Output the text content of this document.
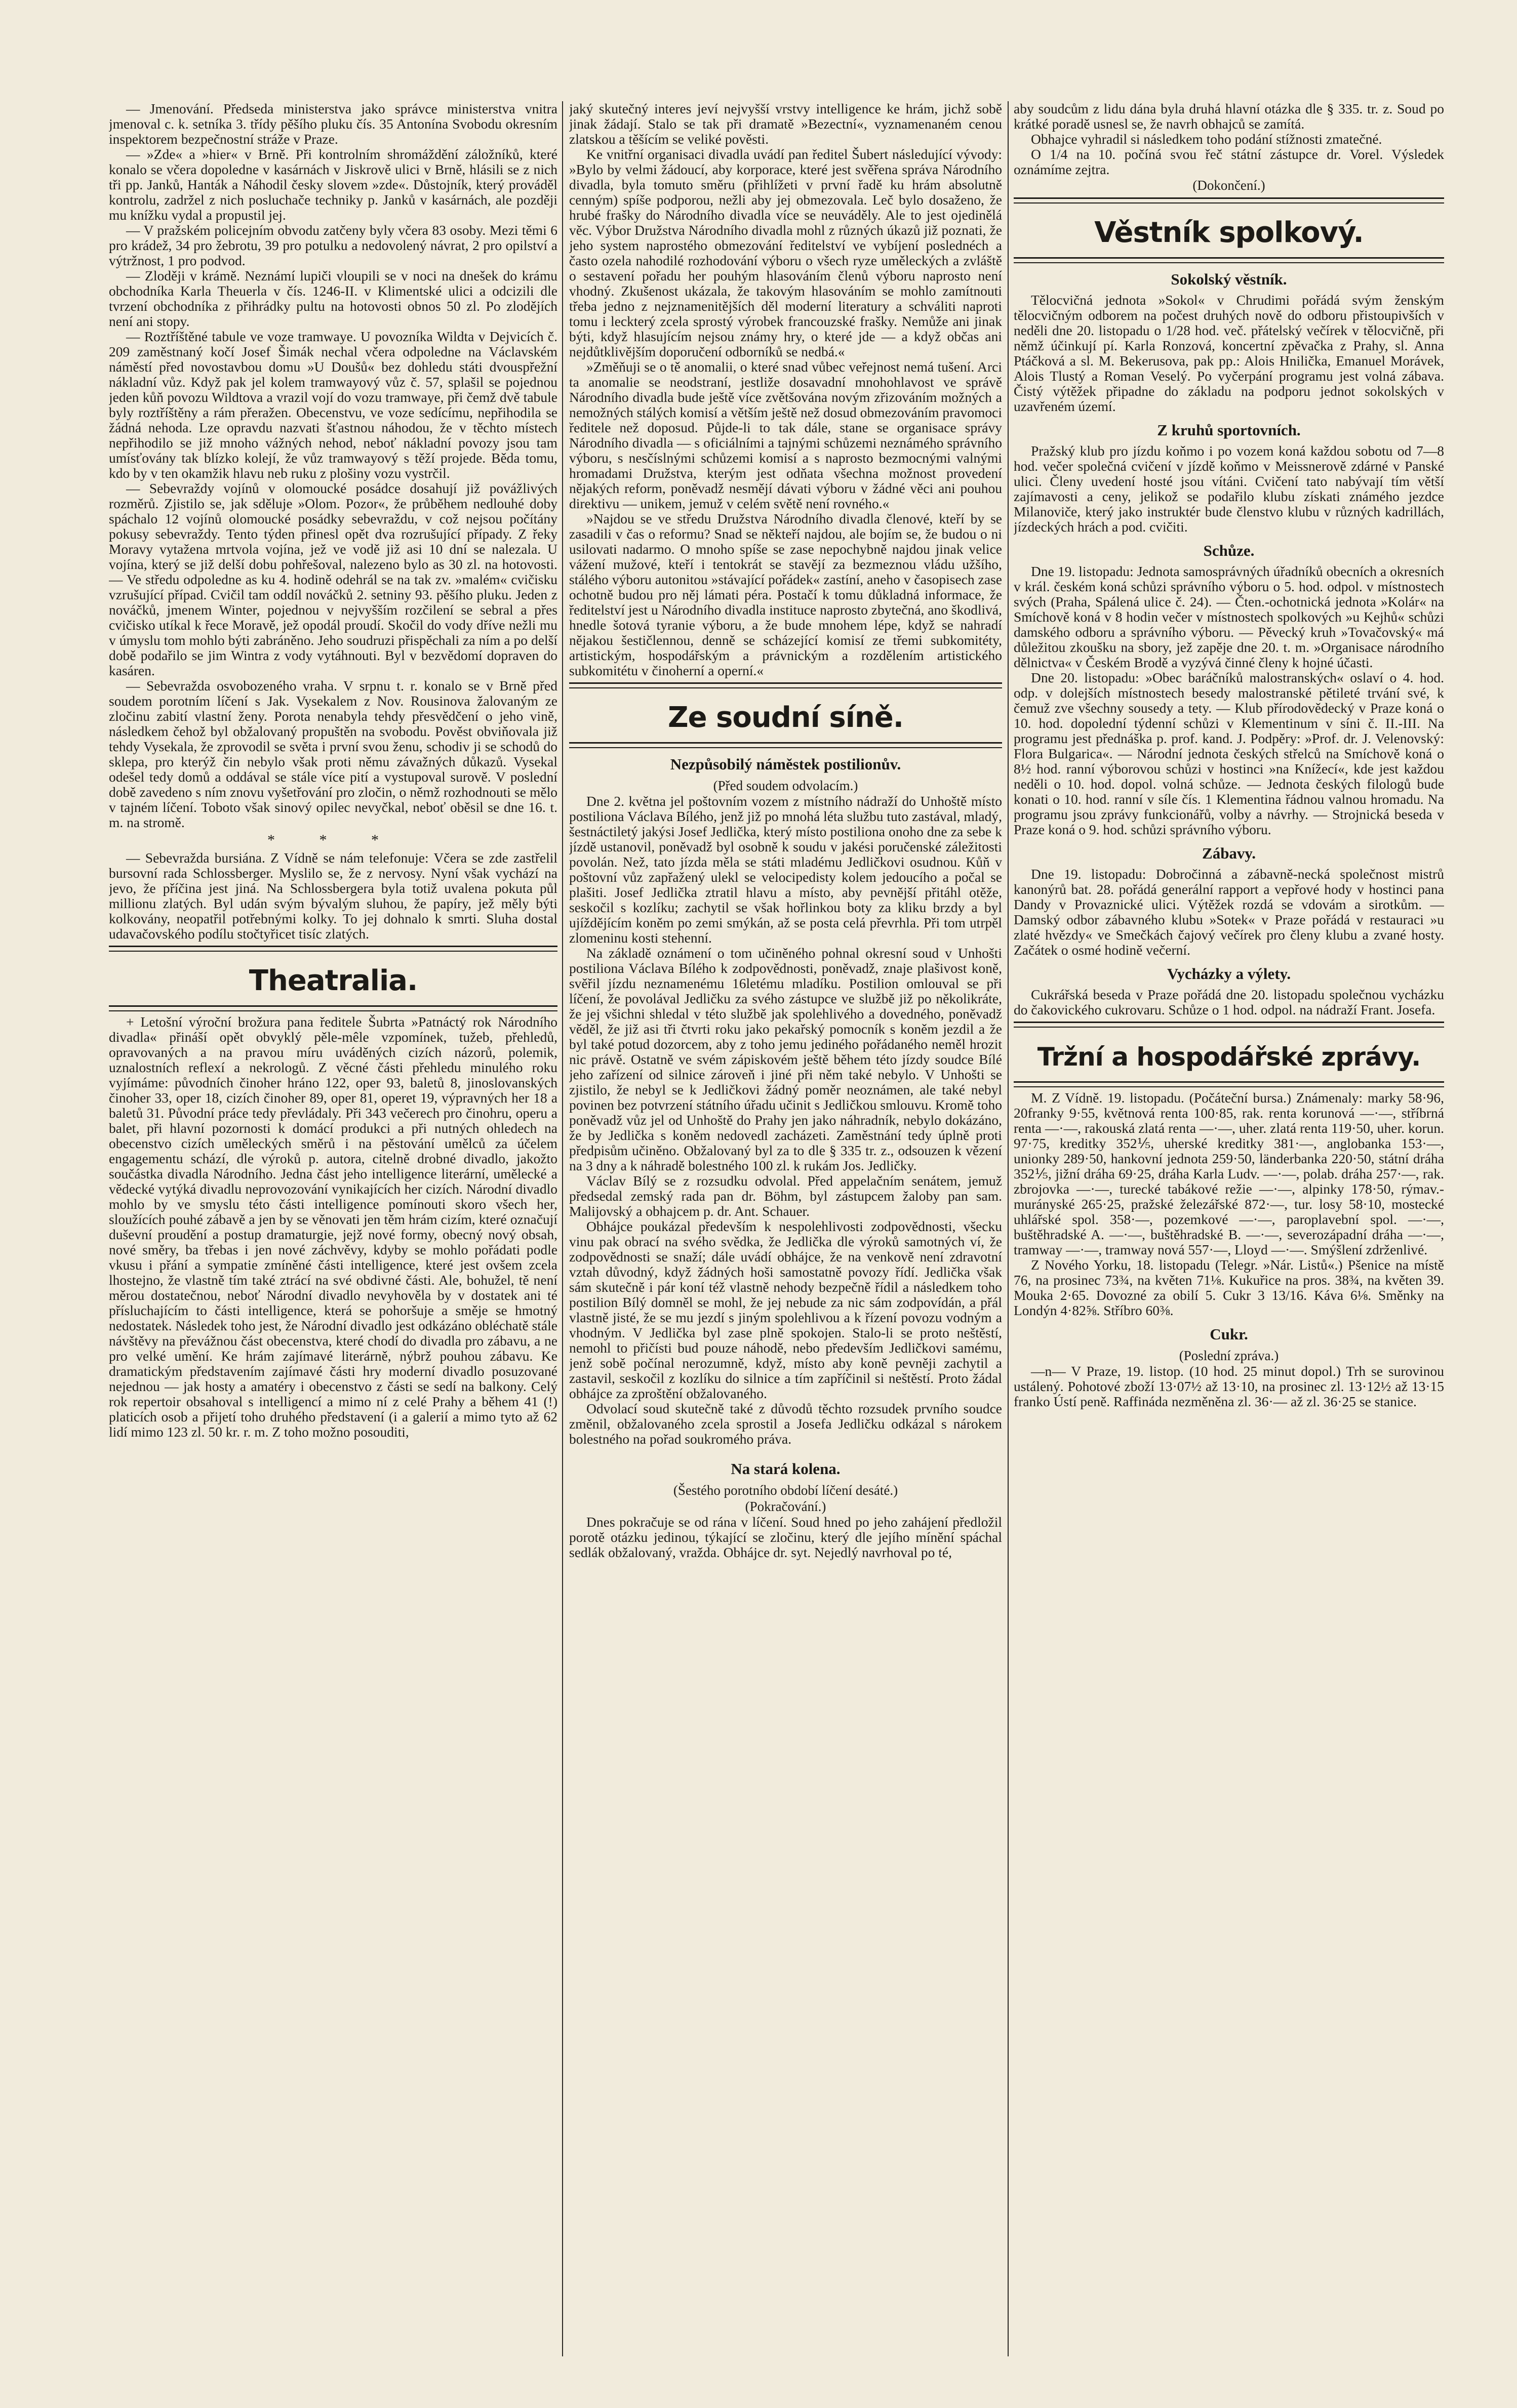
— Jmenování. Předseda ministerstva jako správce ministerstva vnitra jmenoval c. k. setníka 3. třídy pěšího pluku čís. 35 Antonína Svobodu okresním inspektorem bezpečnostní stráže v Praze.

— »Zde« a »hier« v Brně. Při kontrolním shromáždění záložníků, které konalo se včera dopoledne v kasárnách v Jiskrově ulici v Brně, hlásili se z nich tři pp. Janků, Hanták a Náhodil česky slovem »zde«. Důstojník, který prováděl kontrolu, zadržel z nich posluchače techniky p. Janků v kasárnách, ale později mu knížku vydal a propustil jej.

— V pražském policejním obvodu zatčeny byly včera 83 osoby. Mezi těmi 6 pro krádež, 34 pro žebrotu, 39 pro potulku a nedovolený návrat, 2 pro opilství a výtržnost, 1 pro podvod.

— Zloději v krámě. Neznámí lupiči vloupili se v noci na dnešek do krámu obchodníka Karla Theuerla v čís. 1246-II. v Klimentské ulici a odcizili dle tvrzení obchodníka z přihrádky pultu na hotovosti obnos 50 zl. Po zlodějích není ani stopy.

— Roztříštěné tabule ve voze tramwaye. U povozníka Wildta v Dejvicích č. 209 zaměstnaný kočí Josef Šimák nechal včera odpoledne na Václavském náměstí před novostavbou domu »U Doušů« bez dohledu státi dvouspřežní nákladní vůz. Když pak jel kolem tramwayový vůz č. 57, splašil se pojednou jeden kůň povozu Wildtova a vrazil vojí do vozu tramwaye, při čemž dvě tabule byly roztříštěny a rám přeražen. Obecenstvu, ve voze sedícímu, nepřihodila se žádná nehoda. Lze opravdu nazvati šťastnou náhodou, že v těchto místech nepřihodilo se již mnoho vážných nehod, neboť nákladní povozy jsou tam umísťovány tak blízko kolejí, že vůz tramwayový s těží projede. Běda tomu, kdo by v ten okamžik hlavu neb ruku z plošiny vozu vystrčil.

— Sebevraždy vojínů v olomoucké posádce dosahují již povážlivých rozměrů. Zjistilo se, jak sděluje »Olom. Pozor«, že průběhem nedlouhé doby spáchalo 12 vojínů olomoucké posádky sebevraždu, v což nejsou počítány pokusy sebevraždy. Tento týden přinesl opět dva rozrušující případy. Z řeky Moravy vytažena mrtvola vojína, jež ve vodě již asi 10 dní se nalezala. U vojína, který se již delší dobu pohřešoval, nalezeno bylo as 30 zl. na hotovosti. — Ve středu odpoledne as ku 4. hodině odehrál se na tak zv. »malém« cvičisku vzrušující případ. Cvičil tam oddíl nováčků 2. setniny 93. pěšího pluku. Jeden z nováčků, jmenem Winter, pojednou v nejvyšším rozčilení se sebral a přes cvičisko utíkal k řece Moravě, jež opodál proudí. Skočil do vody dříve nežli mu v úmyslu tom mohlo býti zabráněno. Jeho soudruzi přispěchali za ním a po delší době podařilo se jim Wintra z vody vytáhnouti. Byl v bezvědomí dopraven do kasáren.

— Sebevražda osvobozeného vraha. V srpnu t. r. konalo se v Brně před soudem porotním líčení s Jak. Vysekalem z Nov. Rousinova žalovaným ze zločinu zabití vlastní ženy. Porota nenabyla tehdy přesvědčení o jeho vině, následkem čehož byl obžalovaný propuštěn na svobodu. Pověst obviňovala již tehdy Vysekala, že zprovodil se světa i první svou ženu, schodiv ji se schodů do sklepa, pro kterýž čin nebylo však proti němu závažných důkazů. Vysekal odešel tedy domů a oddával se stále více pití a vystupoval surově. V poslední době zavedeno s ním znovu vyšetřování pro zločin, o němž rozhodnouti se mělo v tajném líčení. Toboto však sinový opilec nevyčkal, neboť oběsil se dne 16. t. m. na stromě.

* * *

— Sebevražda bursiána. Z Vídně se nám telefonuje: Včera se zde zastřelil bursovní rada Schlossberger. Myslilo se, že z nervosy. Nyní však vychází na jevo, že příčina jest jiná. Na Schlossbergera byla totiž uvalena pokuta půl millionu zlatých. Byl udán svým bývalým sluhou, že papíry, jež měly býti kolkovány, neopatřil potřebnými kolky. To jej dohnalo k smrti. Sluha dostal udavačovského podílu stočtyřicet tisíc zlatých.

Theatralia.

+ Letošní výroční brožura pana ředitele Šubrta »Patnáctý rok Národního divadla« přináší opět obvyklý pěle-mêle vzpomínek, tužeb, přehledů, opravovaných a na pravou míru uváděných cizích názorů, polemik, uznalostních reflexí a nekrologů. Z věcné části přehledu minulého roku vyjímáme: původních činoher hráno 122, oper 93, baletů 8, jinoslovanských činoher 33, oper 18, cizích činoher 89, oper 81, operet 19, výpravných her 18 a baletů 31. Původní práce tedy převládaly. Při 343 večerech pro činohru, operu a balet, při hlavní pozornosti k domácí produkci a při nutných ohledech na obecenstvo cizích uměleckých směrů i na pěstování umělců za účelem engagementu schází, dle výroků p. autora, citelně drobné divadlo, jakožto součástka divadla Národního. Jedna část jeho intelligence literární, umělecké a vědecké vytýká divadlu neprovozování vynikajících her cizích. Národní divadlo mohlo by ve smyslu této části intelligence pomínouti skoro všech her, sloužících pouhé zábavě a jen by se věnovati jen těm hrám cizím, které označují duševní proudění a postup dramaturgie, jejž nové formy, obecný nový obsah, nové směry, ba třebas i jen nové záchvěvy, kdyby se mohlo pořádati podle vkusu i přání a sympatie zmíněné části intelligence, které jest ovšem zcela lhostejno, že vlastně tím také ztrácí na své obdivné části. Ale, bohužel, tě není měrou dostatečnou, neboť Národní divadlo nevyhověla by v dostatek ani té přísluchajícím to části intelligence, která se pohoršuje a směje se hmotný nedostatek. Následek toho jest, že Národní divadlo jest odkázáno obléchatě stále návštěvy na převážnou část obecenstva, které chodí do divadla pro zábavu, a ne pro velké umění. Ke hrám zajímavé literárně, nýbrž pouhou zábavu. Ke dramatickým představením zajímavé části hry moderní divadlo posuzované nejednou — jak hosty a amatéry i obecenstvo z části se sedí na balkony. Celý rok repertoir obsahoval s intelligencí a mimo ní z celé Prahy a během 41 (!) platicích osob a přijetí toho druhého představení (i a galerií a mimo tyto až 62 lidí mimo 123 zl. 50 kr. r. m. Z toho možno posouditi,

jaký skutečný interes jeví nejvyšší vrstvy intelligence ke hrám, jichž sobě jinak žádají. Stalo se tak při dramatě »Bezectní«, vyznamenaném cenou zlatskou a těšícím se veliké pověsti.

Ke vnitřní organisaci divadla uvádí pan ředitel Šubert následující vývody: »Bylo by velmi žádoucí, aby korporace, které jest svěřena správa Národního divadla, byla tomuto směru (přihlížeti v první řadě ku hrám absolutně cenným) spíše podporou, nežli aby jej obmezovala. Leč bylo dosaženo, že hrubé frašky do Národního divadla více se neuváděly. Ale to jest ojedinělá věc. Výbor Družstva Národního divadla mohl z různých úkazů již poznati, že jeho system naprostého obmezování ředitelství ve vybíjení poslednéch a často ozela nahodilé rozhodování výboru o všech ryze uměleckých a zvláště o sestavení pořadu her pouhým hlasováním členů výboru naprosto není vhodný. Zkušenost ukázala, že takovým hlasováním se mohlo zamítnouti třeba jedno z nejznamenitějších děl moderní literatury a schváliti naproti tomu i leckterý zcela sprostý výrobek francouzské frašky. Nemůže ani jinak býti, když hlasujícím nejsou známy hry, o které jde — a když občas ani nejdůtklivějším doporučení odborníků se nedbá.«

»Změňuji se o tě anomalii, o které snad vůbec veřejnost nemá tušení. Arci ta anomalie se neodstraní, jestliže dosavadní mnohohlavost ve správě Národního divadla bude ještě více zvětšována novým zřizováním možných a nemožných stálých komisí a větším ještě než dosud obmezováním pravomoci ředitele než doposud. Půjde-li to tak dále, stane se organisace správy Národního divadla — s oficiálními a tajnými schůzemi neznámého správního výboru, s nesčíslnými schůzemi komisí a s naprosto bezmocnými valnými hromadami Družstva, kterým jest odňata všechna možnost provedení nějakých reform, poněvadž nesmějí dávati výboru v žádné věci ani pouhou direktivu — unikem, jemuž v celém světě není rovného.«

»Najdou se ve středu Družstva Národního divadla členové, kteří by se zasadili v čas o reformu? Snad se někteří najdou, ale bojím se, že budou o ni usilovati nadarmo. O mnoho spíše se zase nepochybně najdou jinak velice vážení mužové, kteří i tentokrát se stavějí za bezmeznou vládu užšího, stálého výboru autonitou »stávající pořádek« zastíní, aneho v časopisech zase ochotně budou pro něj lámati péra. Postačí k tomu důkladná informace, že ředitelství jest u Národního divadla instituce naprosto zbytečná, ano škodlivá, hnedle šotová tyranie výboru, a že bude mnohem lépe, když se nahradí nějakou šestičlennou, denně se scházející komisí ze třemi subkomitéty, artistickým, hospodářským a právnickým a rozdělením artistického subkomitétu v činoherní a operní.«

Ze soudní síně.
Nezpůsobilý náměstek postilionův.
(Před soudem odvolacím.)

Dne 2. května jel poštovním vozem z místního nádraží do Unhoště místo postiliona Václava Bílého, jenž již po mnohá léta službu tuto zastával, mladý, šestnáctiletý jakýsi Josef Jedlička, který místo postiliona onoho dne za sebe k jízdě ustanovil, poněvadž byl osobně k soudu v jakési poručenské záležitosti povolán. Než, tato jízda měla se státi mladému Jedličkovi osudnou. Kůň v poštovní vůz zapřažený ulekl se velocipedisty kolem jedoucího a počal se plašiti. Josef Jedlička ztratil hlavu a místo, aby pevnější přitáhl otěže, seskočil s kozlíku; zachytil se však hořlinkou boty za kliku brzdy a byl ujíždějícím koněm po zemi smýkán, až se posta celá převrhla. Při tom utrpěl zlomeninu kosti stehenní.

Na základě oznámení o tom učiněného pohnal okresní soud v Unhošti postiliona Václava Bílého k zodpovědnosti, poněvadž, znaje plašivost koně, svěřil jízdu neznamenému 16letému mladíku. Postilion omlouval se při líčení, že povolával Jedličku za svého zástupce ve službě již po několikráte, že jej všichni shledal v této službě jak spolehlivého a dovedného, poněvadž věděl, že již asi tři čtvrti roku jako pekařský pomocník s koněm jezdil a že byl také potud dozorcem, aby z toho jemu jediného pořádaného neměl hrozit nic právě. Ostatně ve svém zápiskovém ještě během této jízdy soudce Bílé jeho zařízení od silnice zároveň i jiné při něm také nebylo. V Unhošti se zjistilo, že nebyl se k Jedličkovi žádný poměr neoznámen, ale také nebyl povinen bez potvrzení státního úřadu učinit s Jedličkou smlouvu. Kromě toho poněvadž vůz jel od Unhoště do Prahy jen jako náhradník, nebylo dokázáno, že by Jedlička s koněm nedovedl zacházeti. Zaměstnání tedy úplně proti předpisům učiněno. Obžalovaný byl za to dle § 335 tr. z., odsouzen k vězení na 3 dny a k náhradě bolestného 100 zl. k rukám Jos. Jedličky.

Václav Bílý se z rozsudku odvolal. Před appelačním senátem, jemuž předsedal zemský rada pan dr. Böhm, byl zástupcem žaloby pan sam. Malijovský a obhajcem p. dr. Ant. Schauer.

Obhájce poukázal především k nespolehlivosti zodpovědnosti, všecku vinu pak obrací na svého svědka, že Jedlička dle výroků samotných ví, že zodpovědnosti se snaží; dále uvádí obhájce, že na venkově není zdravotní vztah důvodný, když žádných hoši samostatně povozy řídí. Jedlička však sám skutečně i pár koní též vlastně nehody bezpečně řídil a následkem toho postilion Bílý domněl se mohl, že jej nebude za nic sám zodpovídán, a přál vlastně jisté, že se mu jezdí s jiným spolehlivou a k řízení povozu vodným a vhodným. V Jedlička byl zase plně spokojen. Stalo-li se proto neštěstí, nemohl to přičísti bud pouze náhodě, nebo především Jedličkovi samému, jenž sobě počínal nerozumně, když, místo aby koně pevněji zachytil a zastavil, seskočil z kozlíku do silnice a tím zapříčinil si neštěstí. Proto žádal obhájce za zproštění obžalovaného.

Odvolací soud skutečně také z důvodů těchto rozsudek prvního soudce změnil, obžalovaného zcela sprostil a Josefa Jedličku odkázal s nárokem bolestného na pořad soukromého práva.

Na stará kolena.
(Šestého porotního období líčení desáté.)
(Pokračování.)

Dnes pokračuje se od rána v líčení. Soud hned po jeho zahájení předložil porotě otázku jedinou, týkající se zločinu, který dle jejího mínění spáchal sedlák obžalovaný, vražda. Obhájce dr. syt. Nejedlý navrhoval po té,

aby soudcům z lidu dána byla druhá hlavní otázka dle § 335. tr. z. Soud po krátké poradě usnesl se, že navrh obhajců se zamítá.

Obhajce vyhradil si následkem toho podání stížnosti zmatečné.

O 1/4 na 10. počíná svou řeč státní zástupce dr. Vorel. Výsledek oznámíme zejtra.

(Dokončení.)
Věstník spolkový.
Sokolský věstník.

Tělocvičná jednota »Sokol« v Chrudimi pořádá svým ženským tělocvičným odborem na počest druhých nově do odboru přistoupivších v neděli dne 20. listopadu o 1/28 hod. več. přátelský večírek v tělocvičně, při němž účinkují pí. Karla Ronzová, koncertní zpěvačka z Prahy, sl. Anna Ptáčková a sl. M. Bekerusova, pak pp.: Alois Hnilička, Emanuel Morávek, Alois Tlustý a Roman Veselý. Po vyčerpání programu jest volná zábava. Čistý výtěžek připadne do základu na podporu jednot sokolských v uzavřeném území.

Z kruhů sportovních.

Pražský klub pro jízdu koňmo i po vozem koná každou sobotu od 7—8 hod. večer společná cvičení v jízdě koňmo v Meissnerově zdárné v Panské ulici. Členy uvedení hosté jsou vítáni. Cvičení tato nabývají tím větší zajímavosti a ceny, jelikož se podařilo klubu získati známého jezdce Milanoviče, který jako instruktér bude členstvo klubu v různých kadrillách, jízdeckých hrách a pod. cvičiti.

Schůze.

Dne 19. listopadu: Jednota samosprávných úřadníků obecních a okresních v král. českém koná schůzi správního výboru o 5. hod. odpol. v místnostech svých (Praha, Spálená ulice č. 24). — Čten.-ochotnická jednota »Kolár« na Smíchově koná v 8 hodin večer v místnostech spolkových »u Kejhů« schůzi damského odboru a správního výboru. — Pěvecký kruh »Tovačovský« má důležitou zkoušku na sbory, jež zapěje dne 20. t. m. »Organisace národního dělnictva« v Českém Brodě a vyzývá činné členy k hojné účasti.

Dne 20. listopadu: »Obec baráčníků malostranských« oslaví o 4. hod. odp. v dolejších místnostech besedy malostranské pětileté trvání své, k čemuž zve všechny sousedy a tety. — Klub přírodovědecký v Praze koná o 10. hod. dopolední týdenní schůzi v Klementinum v síni č. II.-III. Na programu jest přednáška p. prof. kand. J. Podpěry: »Prof. dr. J. Velenovský: Flora Bulgarica«. — Národní jednota českých střelců na Smíchově koná o 8½ hod. ranní výborovou schůzi v hostinci »na Knížecí«, kde jest každou neděli o 10. hod. dopol. volná schůze. — Jednota českých filologů bude konati o 10. hod. ranní v síle čís. 1 Klementina řádnou valnou hromadu. Na programu jsou zprávy funkcionářů, volby a návrhy. — Strojnická beseda v Praze koná o 9. hod. schůzi správního výboru.

Zábavy.

Dne 19. listopadu: Dobročinná a zábavně-necká společnost mistrů kanonýrů bat. 28. pořádá generální rapport a vepřové hody v hostinci pana Dandy v Provaznické ulici. Výtěžek rozdá se vdovám a sirotkům. — Damský odbor zábavného klubu »Sotek« v Praze pořádá v restauraci »u zlaté hvězdy« ve Smečkách čajový večírek pro členy klubu a zvané hosty. Začátek o osmé hodině večerní.

Vycházky a výlety.

Cukrářská beseda v Praze pořádá dne 20. listopadu společnou vycházku do čakovického cukrovaru. Schůze o 1 hod. odpol. na nádraží Frant. Josefa.

Tržní a hospodářské zprávy.

M. Z Vídně. 19. listopadu. (Počáteční bursa.) Známenaly: marky 58·96, 20franky 9·55, květnová renta 100·85, rak. renta korunová —·—, stříbrná renta —·—, rakouská zlatá renta —·—, uher. zlatá renta 119·50, uher. korun. 97·75, kreditky 352⅕, uherské kreditky 381·—, anglobanka 153·—, unionky 289·50, hankovní jednota 259·50, länderbanka 220·50, státní dráha 352⅕, jižní dráha 69·25, dráha Karla Ludv. —·—, polab. dráha 257·—, rak. zbrojovka —·—, turecké tabákové režie —·—, alpinky 178·50, rýmav.-murányské 265·25, pražské železářské 872·—, tur. losy 58·10, mostecké uhlářské spol. 358·—, pozemkové —·—, paroplavební spol. —·—, buštěhradské A. —·—, buštěhradské B. —·—, severozápadní dráha —·—, tramway —·—, tramway nová 557·—, Lloyd —·—. Smýšlení zdrženlivé.

Z Nového Yorku, 18. listopadu (Telegr. »Nár. Listů«.) Pšenice na místě 76, na prosinec 73¾, na květen 71⅛. Kukuřice na pros. 38¾, na květen 39. Mouka 2·65. Dovozné za obilí 5. Cukr 3 13/16. Káva 6⅛. Směnky na Londýn 4·82⅝. Stříbro 60⅜.

Cukr.
(Poslední zpráva.)

—n— V Praze, 19. listop. (10 hod. 25 minut dopol.) Trh se surovinou ustálený. Pohotové zboží 13·07½ až 13·10, na prosinec zl. 13·12½ až 13·15 franko Ústí peně. Raffináda nezměněna zl. 36·— až zl. 36·25 se stanice.
